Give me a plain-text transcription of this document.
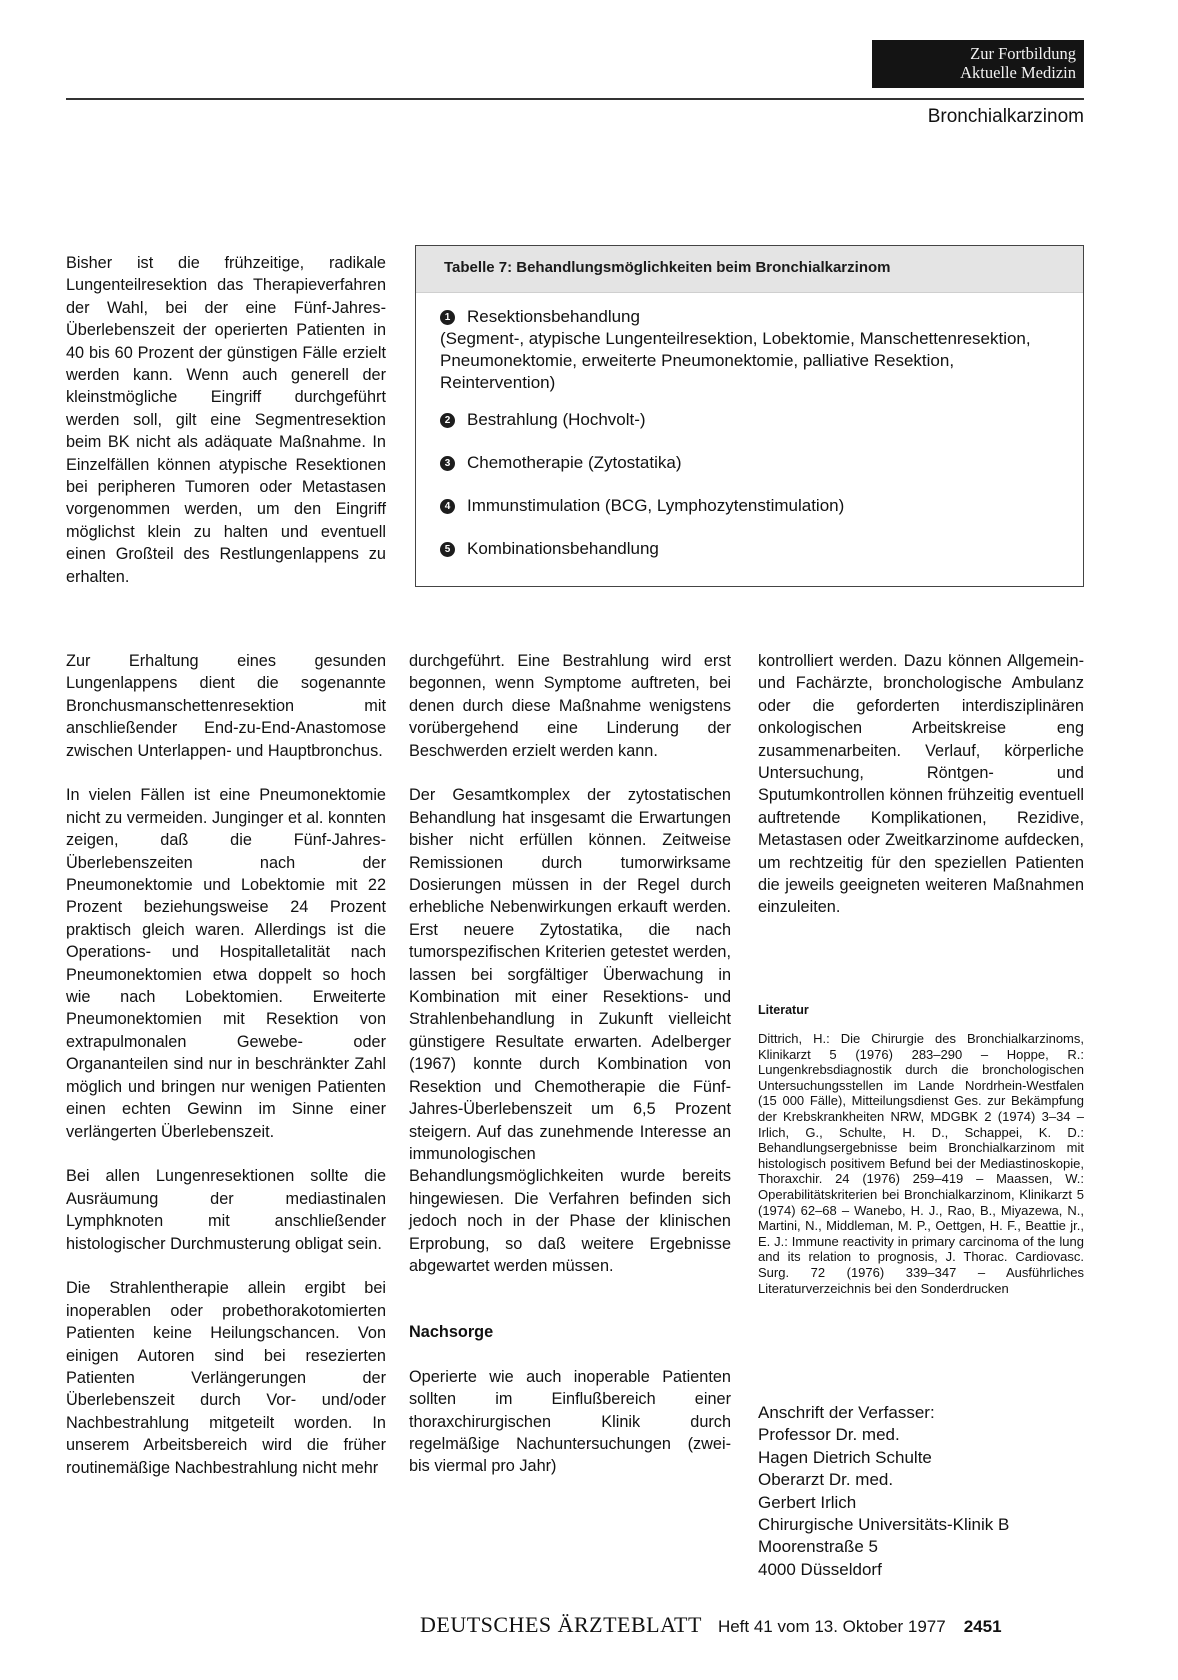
Zur Fortbildung
Aktuelle Medizin
Bronchialkarzinom

Bisher ist die frühzeitige, radikale Lungenteilresektion das Therapieverfahren der Wahl, bei der eine Fünf-Jahres-Überlebenszeit der operierten Patienten in 40 bis 60 Prozent der günstigen Fälle erzielt werden kann. Wenn auch generell der kleinstmögliche Eingriff durchgeführt werden soll, gilt eine Segmentresektion beim BK nicht als adäquate Maßnahme. In Einzelfällen können atypische Resektionen bei peripheren Tumoren oder Metastasen vorgenommen werden, um den Eingriff möglichst klein zu halten und eventuell einen Großteil des Restlungenlappens zu erhalten.

Tabelle 7: Behandlungsmöglichkeiten beim Bronchialkarzinom
1 Resektionsbehandlung
(Segment-, atypische Lungenteilresektion, Lobektomie, Manschettenresektion, Pneumonektomie, erweiterte Pneumonektomie, palliative Resektion, Reintervention)
2 Bestrahlung (Hochvolt-)
3 Chemotherapie (Zytostatika)
4 Immunstimulation (BCG, Lymphozytenstimulation)
5 Kombinationsbehandlung

Zur Erhaltung eines gesunden Lungenlappens dient die sogenannte Bronchusmanschettenresektion mit anschließender End-zu-End-Anastomose zwischen Unterlappen- und Hauptbronchus.

In vielen Fällen ist eine Pneumonektomie nicht zu vermeiden. Junginger et al. konnten zeigen, daß die Fünf-Jahres-Überlebenszeiten nach der Pneumonektomie und Lobektomie mit 22 Prozent beziehungsweise 24 Prozent praktisch gleich waren. Allerdings ist die Operations- und Hospitalletalität nach Pneumonektomien etwa doppelt so hoch wie nach Lobektomien. Erweiterte Pneumonektomien mit Resektion von extrapulmonalen Gewebe- oder Organanteilen sind nur in beschränkter Zahl möglich und bringen nur wenigen Patienten einen echten Gewinn im Sinne einer verlängerten Überlebenszeit.

Bei allen Lungenresektionen sollte die Ausräumung der mediastinalen Lymphknoten mit anschließender histologischer Durchmusterung obligat sein.

Die Strahlentherapie allein ergibt bei inoperablen oder probethorakotomierten Patienten keine Heilungschancen. Von einigen Autoren sind bei resezierten Patienten Verlängerungen der Überlebenszeit durch Vor- und/oder Nachbestrahlung mitgeteilt worden. In unserem Arbeitsbereich wird die früher routinemäßige Nachbestrahlung nicht mehr

durchgeführt. Eine Bestrahlung wird erst begonnen, wenn Symptome auftreten, bei denen durch diese Maßnahme wenigstens vorübergehend eine Linderung der Beschwerden erzielt werden kann.

Der Gesamtkomplex der zytostatischen Behandlung hat insgesamt die Erwartungen bisher nicht erfüllen können. Zeitweise Remissionen durch tumorwirksame Dosierungen müssen in der Regel durch erhebliche Nebenwirkungen erkauft werden. Erst neuere Zytostatika, die nach tumorspezifischen Kriterien getestet werden, lassen bei sorgfältiger Überwachung in Kombination mit einer Resektions- und Strahlenbehandlung in Zukunft vielleicht günstigere Resultate erwarten. Adelberger (1967) konnte durch Kombination von Resektion und Chemotherapie die Fünf-Jahres-Überlebenszeit um 6,5 Prozent steigern. Auf das zunehmende Interesse an immunologischen Behandlungsmöglichkeiten wurde bereits hingewiesen. Die Verfahren befinden sich jedoch noch in der Phase der klinischen Erprobung, so daß weitere Ergebnisse abgewartet werden müssen.

Nachsorge

Operierte wie auch inoperable Patienten sollten im Einflußbereich einer thoraxchirurgischen Klinik durch regelmäßige Nachuntersuchungen (zwei- bis viermal pro Jahr)

kontrolliert werden. Dazu können Allgemein- und Fachärzte, bronchologische Ambulanz oder die geforderten interdisziplinären onkologischen Arbeitskreise eng zusammenarbeiten. Verlauf, körperliche Untersuchung, Röntgen- und Sputumkontrollen können frühzeitig eventuell auftretende Komplikationen, Rezidive, Metastasen oder Zweitkarzinome aufdecken, um rechtzeitig für den speziellen Patienten die jeweils geeigneten weiteren Maßnahmen einzuleiten.

Literatur

Dittrich, H.: Die Chirurgie des Bronchialkarzinoms, Klinikarzt 5 (1976) 283–290 – Hoppe, R.: Lungenkrebsdiagnostik durch die bronchologischen Untersuchungsstellen im Lande Nordrhein-Westfalen (15 000 Fälle), Mitteilungsdienst Ges. zur Bekämpfung der Krebskrankheiten NRW, MDGBK 2 (1974) 3–34 – Irlich, G., Schulte, H. D., Schappei, K. D.: Behandlungsergebnisse beim Bronchialkarzinom mit histologisch positivem Befund bei der Mediastinoskopie, Thoraxchir. 24 (1976) 259–419 – Maassen, W.: Operabilitätskriterien bei Bronchialkarzinom, Klinikarzt 5 (1974) 62–68 – Wanebo, H. J., Rao, B., Miyazewa, N., Martini, N., Middleman, M. P., Oettgen, H. F., Beattie jr., E. J.: Immune reactivity in primary carcinoma of the lung and its relation to prognosis, J. Thorac. Cardiovasc. Surg. 72 (1976) 339–347 – Ausführliches Literaturverzeichnis bei den Sonderdrucken

Anschrift der Verfasser:
Professor Dr. med.
Hagen Dietrich Schulte
Oberarzt Dr. med.
Gerbert Irlich
Chirurgische Universitäts-Klinik B
Moorenstraße 5
4000 Düsseldorf
DEUTSCHES ÄRZTEBLATT Heft 41 vom 13. Oktober 1977 2451
